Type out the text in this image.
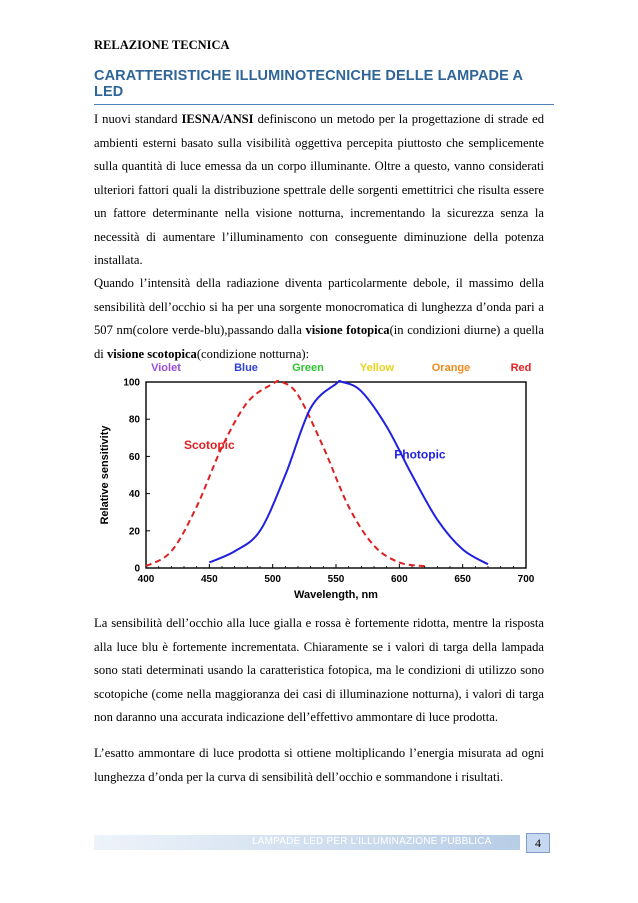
RELAZIONE TECNICA
CARATTERISTICHE ILLUMINOTECNICHE DELLE LAMPADE A LED

I nuovi standard IESNA/ANSI definiscono un metodo per la progettazione di strade ed ambienti esterni basato sulla visibilità oggettiva percepita piuttosto che semplicemente sulla quantità di luce emessa da un corpo illuminante. Oltre a questo, vanno considerati ulteriori fattori quali la distribuzione spettrale delle sorgenti emettitrici che risulta essere un fattore determinante nella visione notturna, incrementando la sicurezza senza la necessità di aumentare l’illuminamento con conseguente diminuzione della potenza installata.

Quando l’intensità della radiazione diventa particolarmente debole, il massimo della sensibilità dell’occhio si ha per una sorgente monocromatica di lunghezza d’onda pari a 507 nm(colore verde-blu),passando dalla visione fotopica(in condizioni diurne) a quella di visione scotopica(condizione notturna):

Violet	Blue	Green	Yellow	Orange	Red
400	450	500	550	600	650	700
0
20
40
60
80
100
Wavelength, nm
Relative sensitivity	Scotopic
Photopic

La sensibilità dell’occhio alla luce gialla e rossa è fortemente ridotta, mentre la risposta alla luce blu è fortemente incrementata. Chiaramente se i valori di targa della lampada sono stati determinati usando la caratteristica fotopica, ma le condizioni di utilizzo sono scotopiche (come nella maggioranza dei casi di illuminazione notturna), i valori di targa non daranno una accurata indicazione dell’effettivo ammontare di luce prodotta.

L’esatto ammontare di luce prodotta si ottiene moltiplicando l’energia misurata ad ogni lunghezza d’onda per la curva di sensibilità dell’occhio e sommandone i risultati.

LAMPADE LED PER L’ILLUMINAZIONE PUBBLICA	4
